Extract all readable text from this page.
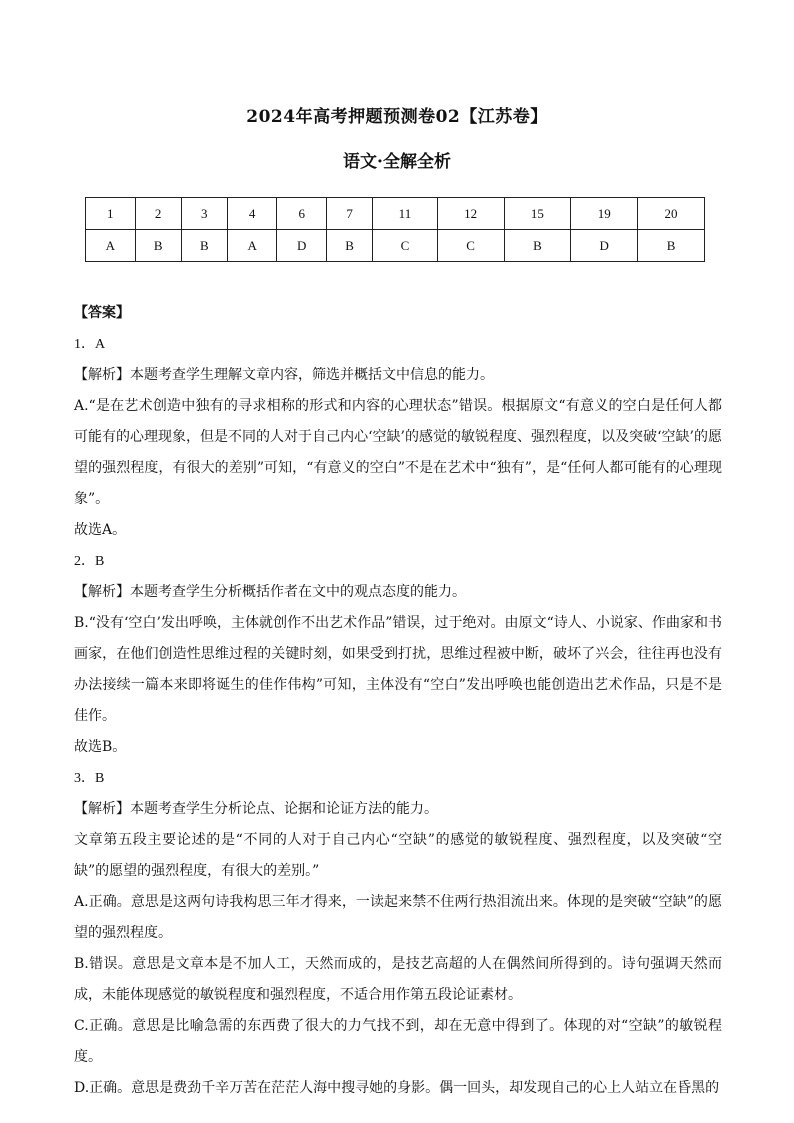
2024年高考押题预测卷02【江苏卷】
语文·全解全析
1	2	3	4	6	7	11	12	15	19	20
A	B	B	A	D	B	C	C	B	D	B

【答案】

1．A

【解析】本题考查学生理解文章内容，筛选并概括文中信息的能力。

A.“是在艺术创造中独有的寻求相称的形式和内容的心理状态”错误。根据原文“有意义的空白是任何人都可能有的心理现象，但是不同的人对于自己内心‘空缺’的感觉的敏锐程度、强烈程度，以及突破‘空缺’的愿望的强烈程度，有很大的差别”可知，“有意义的空白”不是在艺术中“独有”，是“任何人都可能有的心理现象”。

故选A。

2．B

【解析】本题考查学生分析概括作者在文中的观点态度的能力。

B.“没有‘空白’发出呼唤，主体就创作不出艺术作品”错误，过于绝对。由原文“诗人、小说家、作曲家和书画家，在他们创造性思维过程的关键时刻，如果受到打扰，思维过程被中断，破坏了兴会，往往再也没有办法接续一篇本来即将诞生的佳作伟构”可知，主体没有“空白”发出呼唤也能创造出艺术作品，只是不是佳作。

故选B。

3．B

【解析】本题考查学生分析论点、论据和论证方法的能力。

文章第五段主要论述的是“不同的人对于自己内心“空缺”的感觉的敏锐程度、强烈程度，以及突破“空缺”的愿望的强烈程度，有很大的差别。”

A.正确。意思是这两句诗我构思三年才得来，一读起来禁不住两行热泪流出来。体现的是突破“空缺”的愿望的强烈程度。

B.错误。意思是文章本是不加人工，天然而成的，是技艺高超的人在偶然间所得到的。诗句强调天然而成，未能体现感觉的敏锐程度和强烈程度，不适合用作第五段论证素材。

C.正确。意思是比喻急需的东西费了很大的力气找不到，却在无意中得到了。体现的对“空缺”的敏锐程度。

D.正确。意思是费劲千辛万苦在茫茫人海中搜寻她的身影。偶一回头，却发现自己的心上人站立在昏黑的
